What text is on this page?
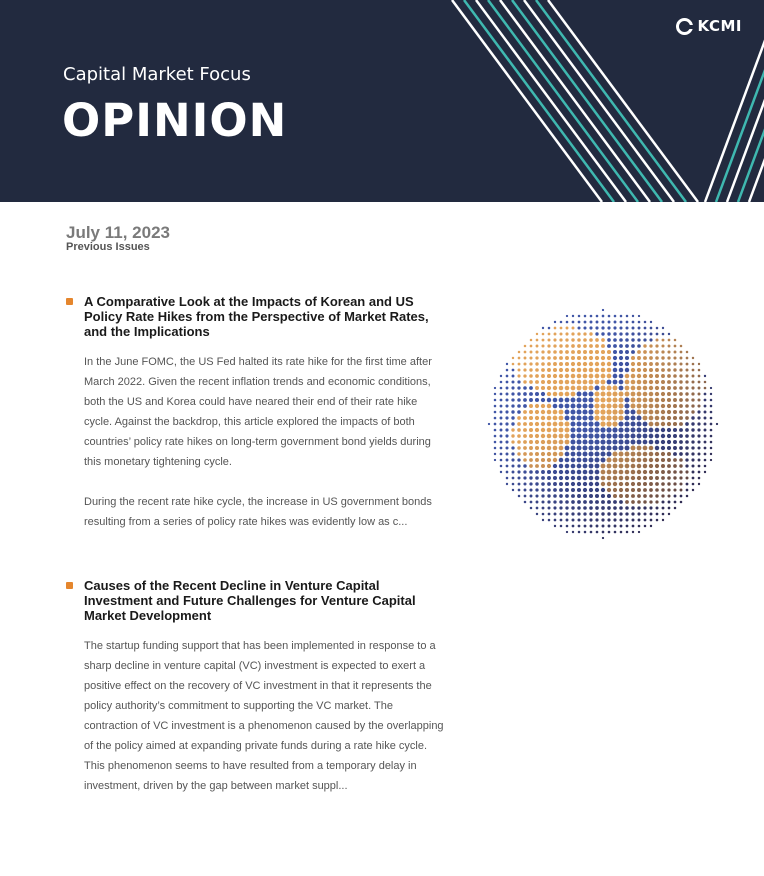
KCMI
Capital Market Focus
OPINION
July 11, 2023
Previous Issues
A Comparative Look at the Impacts of Korean and US Policy Rate Hikes from the Perspective of Market Rates, and the Implications
In the June FOMC, the US Fed halted its rate hike for the first time after March 2022. Given the recent inflation trends and economic conditions, both the US and Korea could have neared their end of their rate hike cycle. Against the backdrop, this article explored the impacts of both countries’ policy rate hikes on long-term government bond yields during this monetary tightening cycle.

During the recent rate hike cycle, the increase in US government bonds resulting from a series of policy rate hikes was evidently low as c...
Causes of the Recent Decline in Venture Capital Investment and Future Challenges for Venture Capital Market Development
The startup funding support that has been implemented in response to a sharp decline in venture capital (VC) investment is expected to exert a positive effect on the recovery of VC investment in that it represents the policy authority’s commitment to supporting the VC market. The contraction of VC investment is a phenomenon caused by the overlapping of the policy aimed at expanding private funds during a rate hike cycle. This phenomenon seems to have resulted from a temporary delay in investment, driven by the gap between market suppl...
